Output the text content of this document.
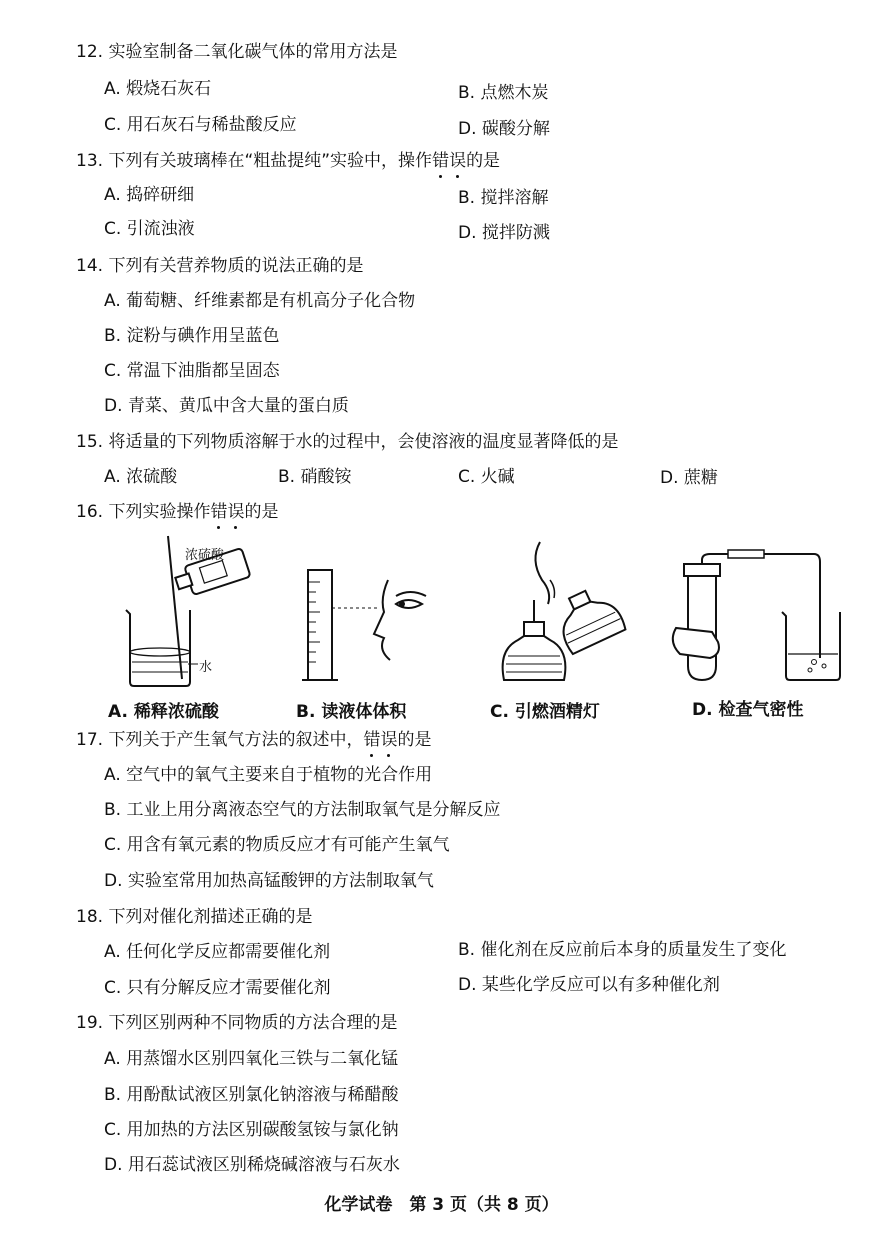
12. 实验室制备二氧化碳气体的常用方法是
A. 煅烧石灰石	B. 点燃木炭
C. 用石灰石与稀盐酸反应	D. 碳酸分解
13. 下列有关玻璃棒在“粗盐提纯”实验中，操作错误的是
A. 捣碎研细	B. 搅拌溶解
C. 引流浊液	D. 搅拌防溅
14. 下列有关营养物质的说法正确的是
A. 葡萄糖、纤维素都是有机高分子化合物
B. 淀粉与碘作用呈蓝色
C. 常温下油脂都呈固态
D. 青菜、黄瓜中含大量的蛋白质
15. 将适量的下列物质溶解于水的过程中，会使溶液的温度显著降低的是
A. 浓硫酸	B. 硝酸铵	C. 火碱	D. 蔗糖
16. 下列实验操作错误的是
浓硫酸
水
A. 稀释浓硫酸	B. 读液体体积	C. 引燃酒精灯	D. 检查气密性
17. 下列关于产生氧气方法的叙述中，错误的是
A. 空气中的氧气主要来自于植物的光合作用
B. 工业上用分离液态空气的方法制取氧气是分解反应
C. 用含有氧元素的物质反应才有可能产生氧气
D. 实验室常用加热高锰酸钾的方法制取氧气
18. 下列对催化剂描述正确的是
A. 任何化学反应都需要催化剂	B. 催化剂在反应前后本身的质量发生了变化
C. 只有分解反应才需要催化剂	D. 某些化学反应可以有多种催化剂
19. 下列区别两种不同物质的方法合理的是
A. 用蒸馏水区别四氧化三铁与二氧化锰
B. 用酚酞试液区别氯化钠溶液与稀醋酸
C. 用加热的方法区别碳酸氢铵与氯化钠
D. 用石蕊试液区别稀烧碱溶液与石灰水
化学试卷　第 3 页（共 8 页）
